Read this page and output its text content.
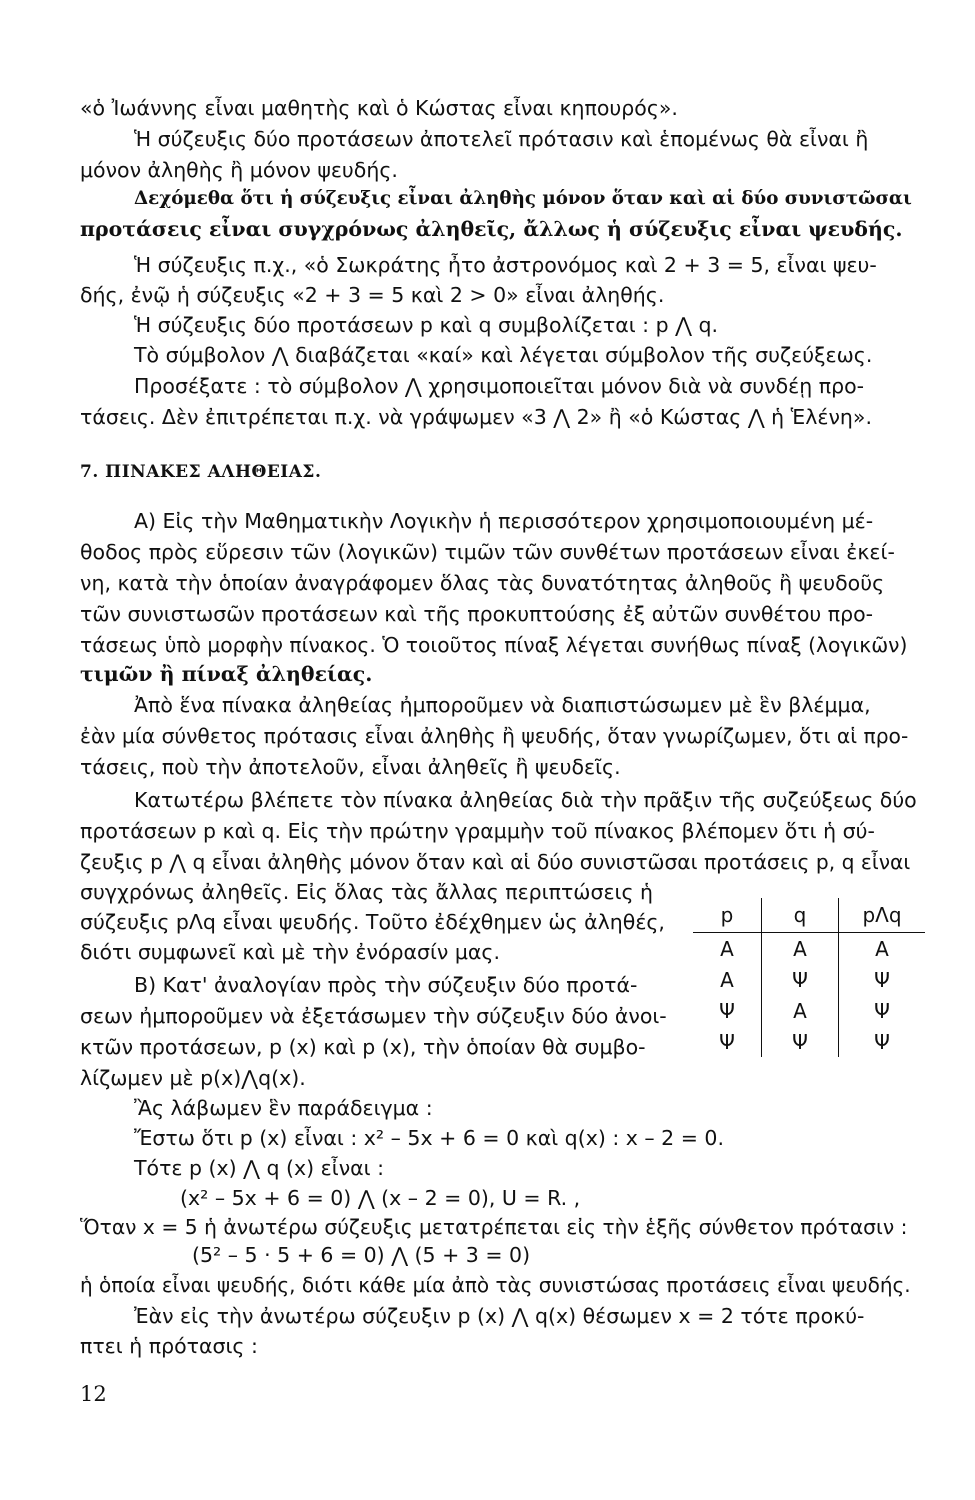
«ὁ Ἰωάννης εἶναι μαθητὴς καὶ ὁ Κώστας εἶναι κηπουρός».
Ἡ σύζευξις δύο προτάσεων ἀποτελεῖ πρότασιν καὶ ἑπομένως θὰ εἶναι ἢ
μόνον ἀληθὴς ἢ μόνον ψευδής.
Δεχόμεθα ὅτι ἡ σύζευξις εἶναι ἀληθὴς μόνον ὅταν καὶ αἱ δύο συνιστῶσαι
προτάσεις εἶναι συγχρόνως ἀληθεῖς, ἄλλως ἡ σύζευξις εἶναι ψευδής.
Ἡ σύζευξις π.χ., «ὁ Σωκράτης ἦτο ἀστρονόμος καὶ 2 + 3 = 5, εἶναι ψευ-
δής, ἐνῷ ἡ σύζευξις «2 + 3 = 5 καὶ 2 > 0» εἶναι ἀληθής.
Ἡ σύζευξις δύο προτάσεων p καὶ q συμβολίζεται : p ⋀ q.
Τὸ σύμβολον ⋀ διαβάζεται «καί» καὶ λέγεται σύμβολον τῆς συζεύξεως.
Προσέξατε : τὸ σύμβολον ⋀ χρησιμοποιεῖται μόνον διὰ νὰ συνδέῃ προ-
τάσεις. Δὲν ἐπιτρέπεται π.χ. νὰ γράψωμεν «3 ⋀ 2» ἢ «ὁ Κώστας ⋀ ἡ Ἑλένη».
7. ΠΙΝΑΚΕΣ ΑΛΗΘΕΙΑΣ.
Α) Εἰς τὴν Μαθηματικὴν Λογικὴν ἡ περισσότερον χρησιμοποιουμένη μέ-
θοδος πρὸς εὕρεσιν τῶν (λογικῶν) τιμῶν τῶν συνθέτων προτάσεων εἶναι ἐκεί-
νη, κατὰ τὴν ὁποίαν ἀναγράφομεν ὅλας τὰς δυνατότητας ἀληθοῦς ἢ ψευδοῦς
τῶν συνιστωσῶν προτάσεων καὶ τῆς προκυπτούσης ἐξ αὐτῶν συνθέτου προ-
τάσεως ὑπὸ μορφὴν πίνακος. Ὁ τοιοῦτος πίναξ λέγεται συνήθως πίναξ (λογικῶν)
τιμῶν ἢ πίναξ ἀληθείας.
Ἀπὸ ἕνα πίνακα ἀληθείας ἠμποροῦμεν νὰ διαπιστώσωμεν μὲ ἓν βλέμμα,
ἐὰν μία σύνθετος πρότασις εἶναι ἀληθὴς ἢ ψευδής, ὅταν γνωρίζωμεν, ὅτι αἱ προ-
τάσεις, ποὺ τὴν ἀποτελοῦν, εἶναι ἀληθεῖς ἢ ψευδεῖς.
Κατωτέρω βλέπετε τὸν πίνακα ἀληθείας διὰ τὴν πρᾶξιν τῆς συζεύξεως δύο
προτάσεων p καὶ q. Εἰς τὴν πρώτην γραμμὴν τοῦ πίνακος βλέπομεν ὅτι ἡ σύ-
ζευξις p ⋀ q εἶναι ἀληθὴς μόνον ὅταν καὶ αἱ δύο συνιστῶσαι προτάσεις p, q εἶναι
συγχρόνως ἀληθεῖς. Εἰς ὅλας τὰς ἄλλας περιπτώσεις ἡ
σύζευξις pΛq εἶναι ψευδής. Τοῦτο ἐδέχθημεν ὡς ἀληθές,
διότι συμφωνεῖ καὶ μὲ τὴν ἐνόρασίν μας.
Β) Κατ' ἀναλογίαν πρὸς τὴν σύζευξιν δύο προτά-
σεων ἠμποροῦμεν νὰ ἐξετάσωμεν τὴν σύζευξιν δύο ἀνοι-
κτῶν προτάσεων, p (x) καὶ p (x), τὴν ὁποίαν θὰ συμβο-
λίζωμεν μὲ p(x)⋀q(x).
p	q	pΛq
A	A	A
A	Ψ	Ψ
Ψ	A	Ψ
Ψ	Ψ	Ψ
Ἂς λάβωμεν ἓν παράδειγμα :
Ἔστω ὅτι p (x) εἶναι : x² – 5x + 6 = 0 καὶ q(x) : x – 2 = 0.
Τότε p (x) ⋀ q (x) εἶναι :
(x² – 5x + 6 = 0) ⋀ (x – 2 = 0), U = R. ,
Ὅταν x = 5 ἡ ἀνωτέρω σύζευξις μετατρέπεται εἰς τὴν ἑξῆς σύνθετον πρότασιν :
(5² – 5 · 5 + 6 = 0) ⋀ (5 + 3 = 0)
ἡ ὁποία εἶναι ψευδής, διότι κάθε μία ἀπὸ τὰς συνιστώσας προτάσεις εἶναι ψευδής.
Ἐὰν εἰς τὴν ἀνωτέρω σύζευξιν p (x) ⋀ q(x) θέσωμεν x = 2 τότε προκύ-
πτει ἡ πρότασις :
12
